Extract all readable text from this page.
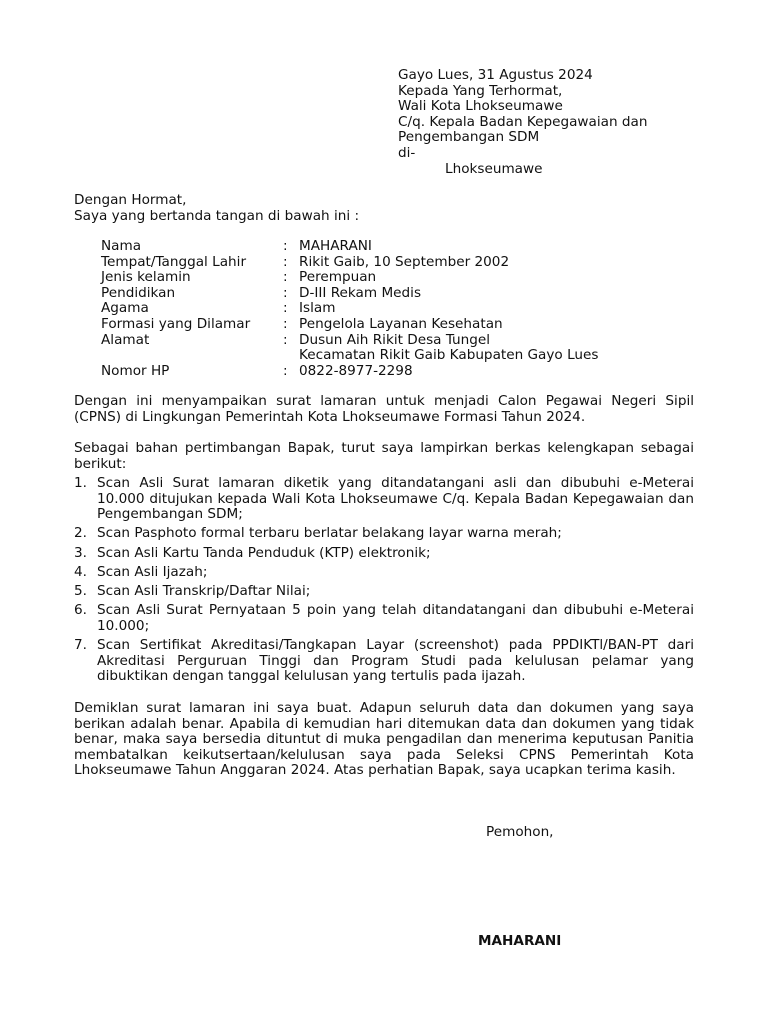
Gayo Lues, 31 Agustus 2024
Kepada Yang Terhormat,
Wali Kota Lhokseumawe
C/q. Kepala Badan Kepegawaian dan
Pengembangan SDM
di-
Lhokseumawe
Dengan Hormat,
Saya yang bertanda tangan di bawah ini :
Nama	: MAHARANI
Tempat/Tanggal Lahir	: Rikit Gaib, 10 September 2002
Jenis kelamin	: Perempuan
Pendidikan	: D-III Rekam Medis
Agama	: Islam
Formasi yang Dilamar	: Pengelola Layanan Kesehatan
Alamat	: Dusun Aih Rikit Desa Tungel
Kecamatan Rikit Gaib Kabupaten Gayo Lues
Nomor HP	: 0822-8977-2298
Dengan ini menyampaikan surat lamaran untuk menjadi Calon Pegawai Negeri Sipil (CPNS) di Lingkungan Pemerintah Kota Lhokseumawe Formasi Tahun 2024.
Sebagai bahan pertimbangan Bapak, turut saya lampirkan berkas kelengkapan sebagai berikut:
1. Scan Asli Surat lamaran diketik yang ditandatangani asli dan dibubuhi e-Meterai 10.000 ditujukan kepada Wali Kota Lhokseumawe C/q. Kepala Badan Kepegawaian dan Pengembangan SDM;
2. Scan Pasphoto formal terbaru berlatar belakang layar warna merah;
3. Scan Asli Kartu Tanda Penduduk (KTP) elektronik;
4. Scan Asli Ijazah;
5. Scan Asli Transkrip/Daftar Nilai;
6. Scan Asli Surat Pernyataan 5 poin yang telah ditandatangani dan dibubuhi e-Meterai 10.000;
7. Scan Sertifikat Akreditasi/Tangkapan Layar (screenshot) pada PPDIKTl/BAN-PT dari Akreditasi Perguruan Tinggi dan Program Studi pada kelulusan pelamar yang dibuktikan dengan tanggal kelulusan yang tertulis pada ijazah.
Demiklan surat lamaran ini saya buat. Adapun seluruh data dan dokumen yang saya berikan adalah benar. Apabila di kemudian hari ditemukan data dan dokumen yang tidak benar, maka saya bersedia dituntut di muka pengadilan dan menerima keputusan Panitia membatalkan keikutsertaan/kelulusan saya pada Seleksi CPNS Pemerintah Kota Lhokseumawe Tahun Anggaran 2024. Atas perhatian Bapak, saya ucapkan terima kasih.
Pemohon,
MAHARANI
